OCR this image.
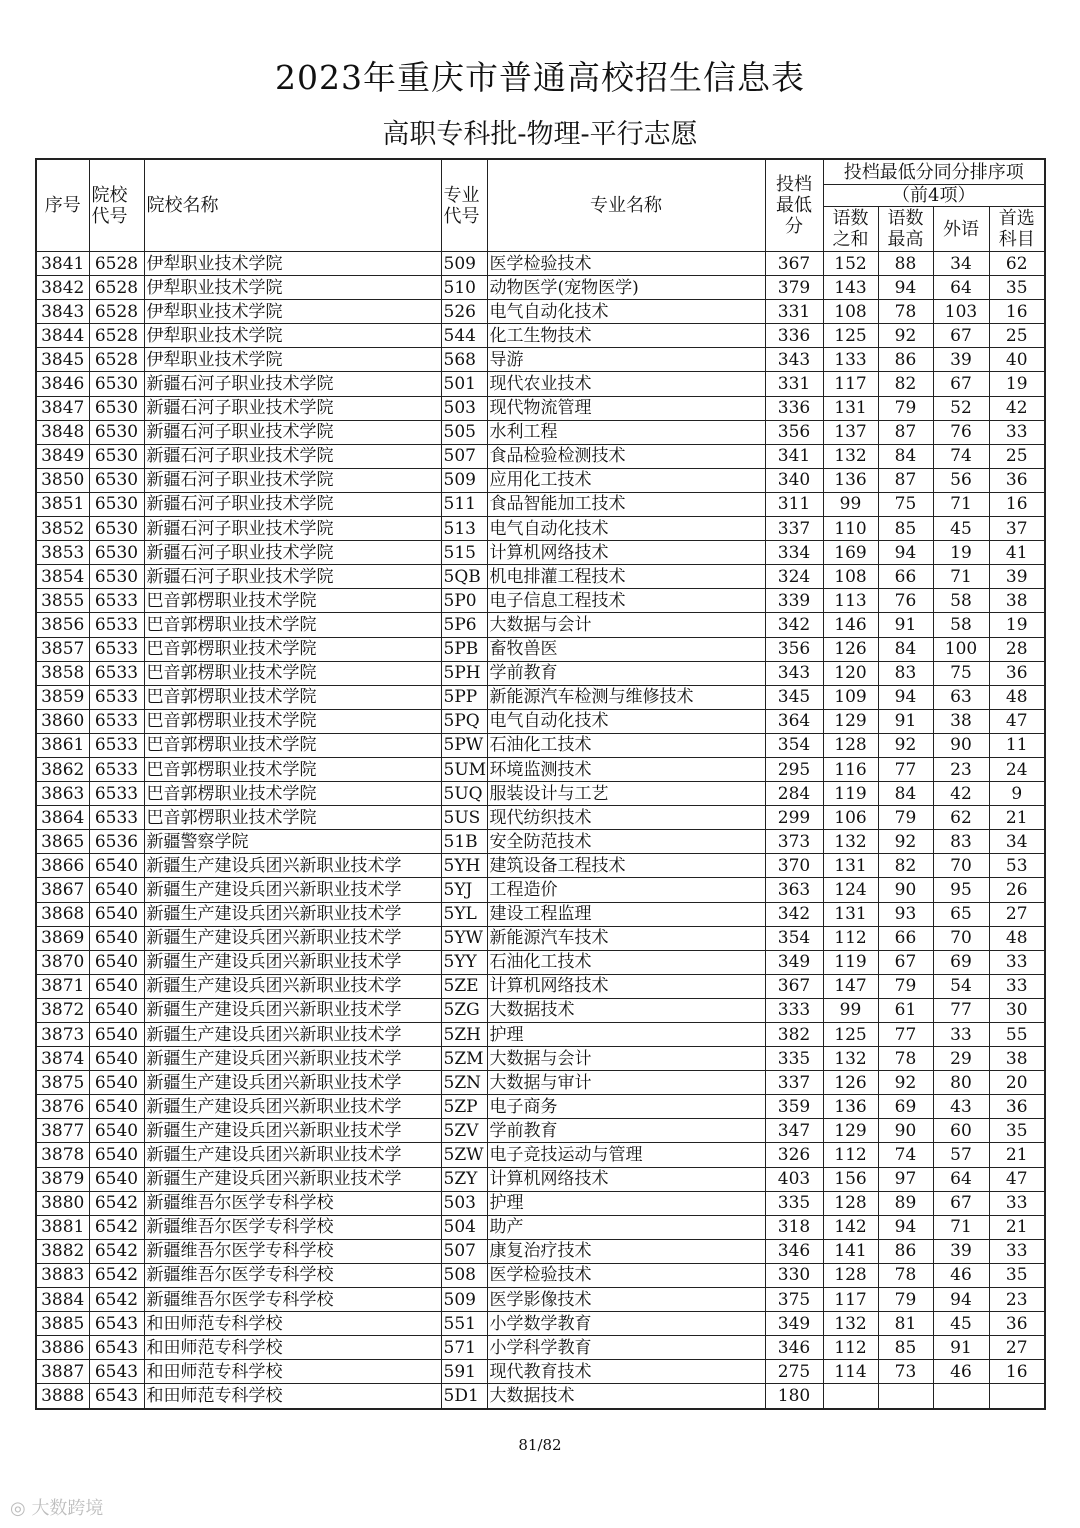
2023年重庆市普通高校招生信息表
高职专科批-物理-平行志愿
序号	院校代号	院校名称	专业代号	专业名称	投档最低分	投档最低分同分排序项			
						（前4项）			
						语数之和	语数最高	外语	首选科目
3841	6528	伊犁职业技术学院	509	医学检验技术	367	152	88	34	62
3842	6528	伊犁职业技术学院	510	动物医学(宠物医学)	379	143	94	64	35
3843	6528	伊犁职业技术学院	526	电气自动化技术	331	108	78	103	16
3844	6528	伊犁职业技术学院	544	化工生物技术	336	125	92	67	25
3845	6528	伊犁职业技术学院	568	导游	343	133	86	39	40
3846	6530	新疆石河子职业技术学院	501	现代农业技术	331	117	82	67	19
3847	6530	新疆石河子职业技术学院	503	现代物流管理	336	131	79	52	42
3848	6530	新疆石河子职业技术学院	505	水利工程	356	137	87	76	33
3849	6530	新疆石河子职业技术学院	507	食品检验检测技术	341	132	84	74	25
3850	6530	新疆石河子职业技术学院	509	应用化工技术	340	136	87	56	36
3851	6530	新疆石河子职业技术学院	511	食品智能加工技术	311	99	75	71	16
3852	6530	新疆石河子职业技术学院	513	电气自动化技术	337	110	85	45	37
3853	6530	新疆石河子职业技术学院	515	计算机网络技术	334	169	94	19	41
3854	6530	新疆石河子职业技术学院	5QB	机电排灌工程技术	324	108	66	71	39
3855	6533	巴音郭楞职业技术学院	5P0	电子信息工程技术	339	113	76	58	38
3856	6533	巴音郭楞职业技术学院	5P6	大数据与会计	342	146	91	58	19
3857	6533	巴音郭楞职业技术学院	5PB	畜牧兽医	356	126	84	100	28
3858	6533	巴音郭楞职业技术学院	5PH	学前教育	343	120	83	75	36
3859	6533	巴音郭楞职业技术学院	5PP	新能源汽车检测与维修技术	345	109	94	63	48
3860	6533	巴音郭楞职业技术学院	5PQ	电气自动化技术	364	129	91	38	47
3861	6533	巴音郭楞职业技术学院	5PW	石油化工技术	354	128	92	90	11
3862	6533	巴音郭楞职业技术学院	5UM	环境监测技术	295	116	77	23	24
3863	6533	巴音郭楞职业技术学院	5UQ	服装设计与工艺	284	119	84	42	9
3864	6533	巴音郭楞职业技术学院	5US	现代纺织技术	299	106	79	62	21
3865	6536	新疆警察学院	51B	安全防范技术	373	132	92	83	34
3866	6540	新疆生产建设兵团兴新职业技术学	5YH	建筑设备工程技术	370	131	82	70	53
3867	6540	新疆生产建设兵团兴新职业技术学	5YJ	工程造价	363	124	90	95	26
3868	6540	新疆生产建设兵团兴新职业技术学	5YL	建设工程监理	342	131	93	65	27
3869	6540	新疆生产建设兵团兴新职业技术学	5YW	新能源汽车技术	354	112	66	70	48
3870	6540	新疆生产建设兵团兴新职业技术学	5YY	石油化工技术	349	119	67	69	33
3871	6540	新疆生产建设兵团兴新职业技术学	5ZE	计算机网络技术	367	147	79	54	33
3872	6540	新疆生产建设兵团兴新职业技术学	5ZG	大数据技术	333	99	61	77	30
3873	6540	新疆生产建设兵团兴新职业技术学	5ZH	护理	382	125	77	33	55
3874	6540	新疆生产建设兵团兴新职业技术学	5ZM	大数据与会计	335	132	78	29	38
3875	6540	新疆生产建设兵团兴新职业技术学	5ZN	大数据与审计	337	126	92	80	20
3876	6540	新疆生产建设兵团兴新职业技术学	5ZP	电子商务	359	136	69	43	36
3877	6540	新疆生产建设兵团兴新职业技术学	5ZV	学前教育	347	129	90	60	35
3878	6540	新疆生产建设兵团兴新职业技术学	5ZW	电子竞技运动与管理	326	112	74	57	21
3879	6540	新疆生产建设兵团兴新职业技术学	5ZY	计算机网络技术	403	156	97	64	47
3880	6542	新疆维吾尔医学专科学校	503	护理	335	128	89	67	33
3881	6542	新疆维吾尔医学专科学校	504	助产	318	142	94	71	21
3882	6542	新疆维吾尔医学专科学校	507	康复治疗技术	346	141	86	39	33
3883	6542	新疆维吾尔医学专科学校	508	医学检验技术	330	128	78	46	35
3884	6542	新疆维吾尔医学专科学校	509	医学影像技术	375	117	79	94	23
3885	6543	和田师范专科学校	551	小学数学教育	349	132	81	45	36
3886	6543	和田师范专科学校	571	小学科学教育	346	112	85	91	27
3887	6543	和田师范专科学校	591	现代教育技术	275	114	73	46	16
3888	6543	和田师范专科学校	5D1	大数据技术	180				
81/82
◎ 大数跨境
